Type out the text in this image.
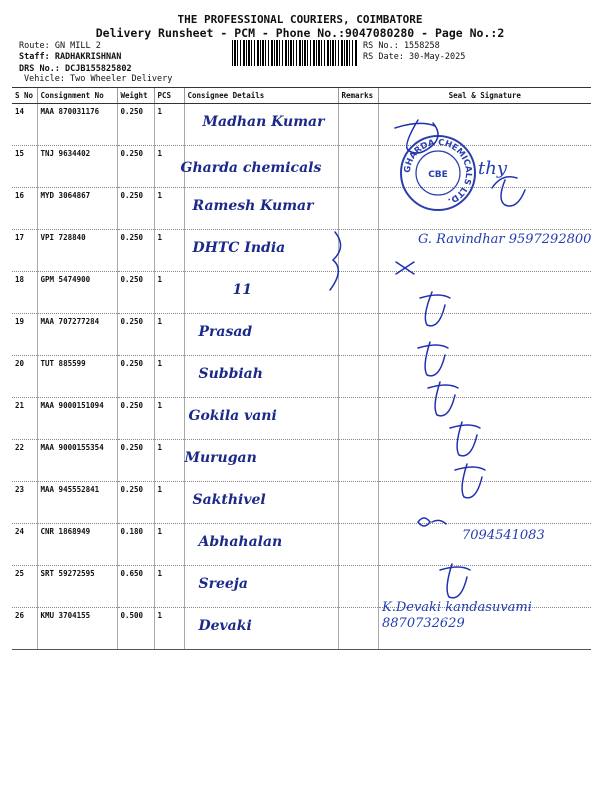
THE PROFESSIONAL COURIERS, COIMBATORE
Delivery Runsheet - PCM - Phone No.:9047080280 - Page No.:2
Route: GN MILL 2
Staff: RADHAKRISHNAN
DRS No.: DCJB155825802
Vehicle: Two Wheeler Delivery
RS No.: 1558258
RS Date: 30-May-2025
S No	Consignment No	Weight	PCS	Consignee Details	Remarks	Seal & Signature
14	MAA 870031176	0.250	1	Madhan Kumar		

15	TNJ 9634402	0.250	1	Gharda chemicals		

16	MYD 3064867	0.250	1	Ramesh Kumar		

17	VPI 728840	0.250	1	DHTC India		

18	GPM 5474900	0.250	1	11		

19	MAA 707277284	0.250	1	Prasad		

20	TUT 885599	0.250	1	Subbiah		

21	MAA 9000151094	0.250	1	Gokila vani		

22	MAA 9000155354	0.250	1	Murugan		

23	MAA 945552841	0.250	1	Sakthivel		

24	CNR 1868949	0.180	1	Abhahalan		

25	SRT 59272595	0.650	1	Sreeja		

26	KMU 3704155	0.500	1	Devaki		

GHARDA CHEMICALS LTD.
CBE
G. Ravindhar 9597292800
thy
7094541083
K.Devaki kandasuvami 8870732629
